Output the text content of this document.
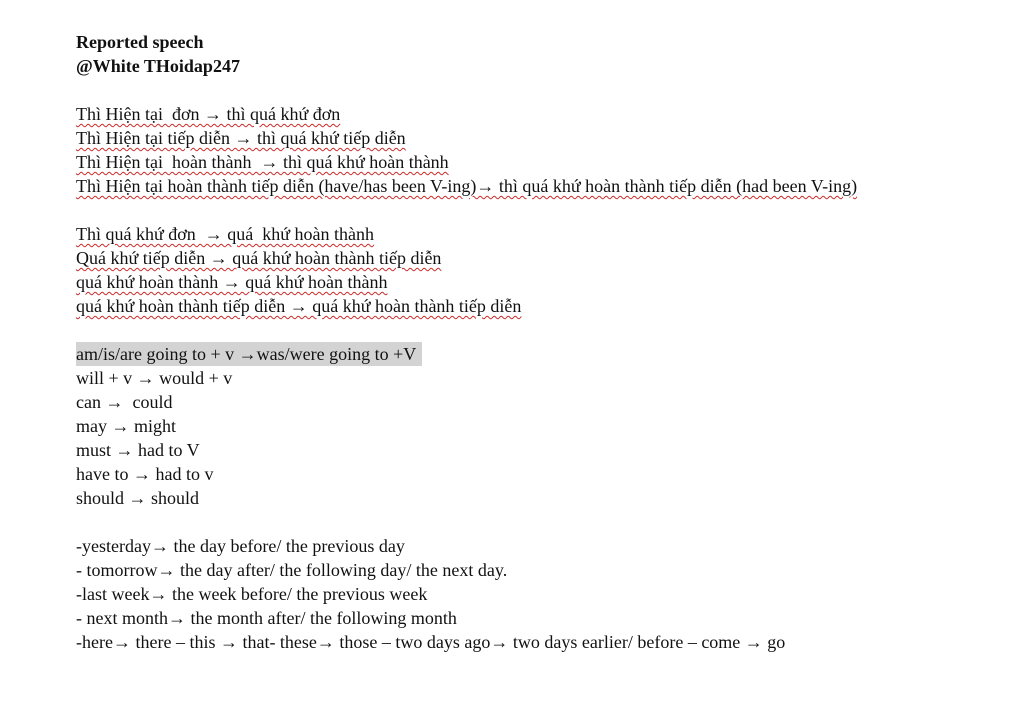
Reported speech
@White THoidap247
Thì Hiện tại  đơn → thì quá khứ đơn
Thì Hiện tại tiếp diễn → thì quá khứ tiếp diễn
Thì Hiện tại  hoàn thành  → thì quá khứ hoàn thành
Thì Hiện tại hoàn thành tiếp diễn (have/has been V-ing)→ thì quá khứ hoàn thành tiếp diễn (had been V-ing)
Thì quá khứ đơn  → quá  khứ hoàn thành
Quá khứ tiếp diễn → quá khứ hoàn thành tiếp diễn
quá khứ hoàn thành → quá khứ hoàn thành
quá khứ hoàn thành tiếp diễn → quá khứ hoàn thành tiếp diễn
am/is/are going to + v →was/were going to +V
will + v → would + v
can →  could
may → might
must → had to V
have to → had to v
should → should
-yesterday→ the day before/ the previous day
- tomorrow→ the day after/ the following day/ the next day.
-last week→ the week before/ the previous week
- next month→ the month after/ the following month
-here→ there – this → that- these→ those – two days ago→ two days earlier/ before – come → go
